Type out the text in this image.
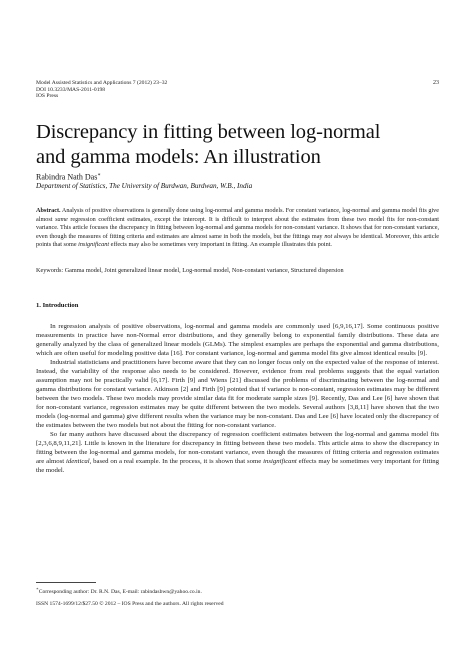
Model Assisted Statistics and Applications 7 (2012) 23–32
DOI 10.3233/MAS-2011-0198
IOS Press
23
Discrepancy in fitting between log-normal
and gamma models: An illustration
Rabindra Nath Das∗
Department of Statistics, The University of Burdwan, Burdwan, W.B., India
Abstract. Analysis of positive observations is generally done using log-normal and gamma models. For constant variance, log-normal and gamma model fits give almost same regression coefficient estimates, except the intercept. It is difficult to interpret about the estimates from these two model fits for non-constant variance. This article focuses the discrepancy in fitting between log-normal and gamma models for non-constant variance. It shows that for non-constant variance, even though the measures of fitting criteria and estimates are almost same in both the models, but the fittings may not always be identical. Moreover, this article points that some insignificant effects may also be sometimes very important in fitting. An example illustrates this point.
Keywords: Gamma model, Joint generalized linear model, Log-normal model, Non-constant variance, Structured dispersion
1. Introduction

In regression analysis of positive observations, log-normal and gamma models are commonly used [6,9,16,17]. Some continuous positive measurements in practice have non-Normal error distributions, and they generally belong to exponential family distributions. These data are generally analyzed by the class of generalized linear models (GLMs). The simplest examples are perhaps the exponential and gamma distributions, which are often useful for modeling positive data [16]. For constant variance, log-normal and gamma model fits give almost identical results [9].

Industrial statisticians and practitioners have become aware that they can no longer focus only on the expected value of the response of interest. Instead, the variability of the response also needs to be considered. However, evidence from real problems suggests that the equal variation assumption may not be practically valid [6,17]. Firth [9] and Wiens [21] discussed the problems of discriminating between the log-normal and gamma distributions for constant variance. Atkinson [2] and Firth [9] pointed that if variance is non-constant, regression estimates may be different between the two models. These two models may provide similar data fit for moderate sample sizes [9]. Recently, Das and Lee [6] have shown that for non-constant variance, regression estimates may be quite different between the two models. Several authors [3,8,11] have shown that the two models (log-normal and gamma) give different results when the variance may be non-constant. Das and Lee [6] have located only the discrepancy of the estimates between the two models but not about the fitting for non-constant variance.

So far many authors have discussed about the discrepancy of regression coefficient estimates between the log-normal and gamma model fits [2,3,6,8,9,11,21]. Little is known in the literature for discrepancy in fitting between these two models. This article aims to show the discrepancy in fitting between the log-normal and gamma models, for non-constant variance, even though the measures of fitting criteria and regression estimates are almost identical, based on a real example. In the process, it is shown that some insignificant effects may be sometimes very important for fitting the model.

∗Corresponding author: Dr. R.N. Das, E-mail: rabindasbwn@yahoo.co.in.
ISSN 1574-1699/12/$27.50 © 2012 – IOS Press and the authors. All rights reserved
